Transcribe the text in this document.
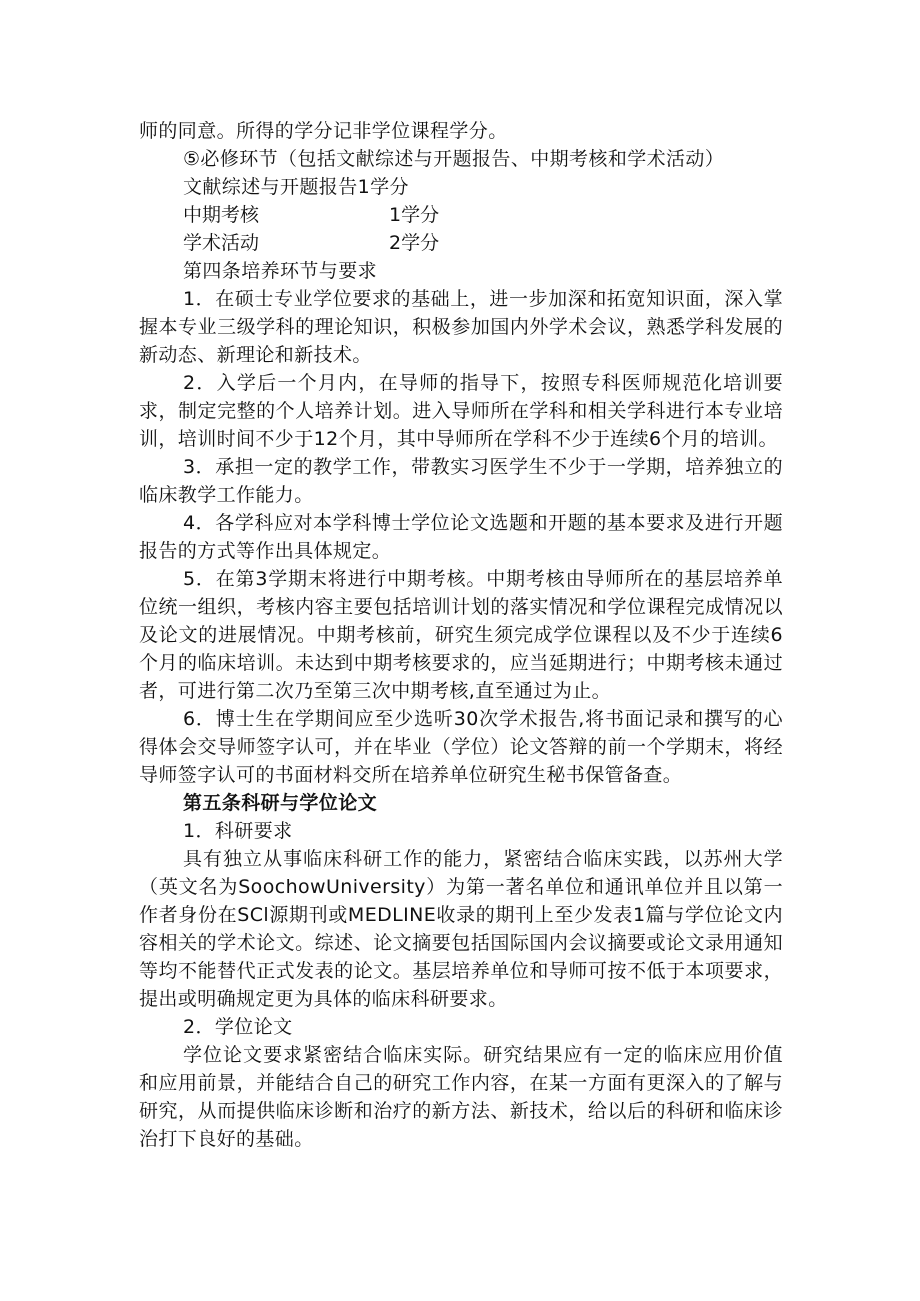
师的同意。所得的学分记非学位课程学分。

⑤必修环节（包括文献综述与开题报告、中期考核和学术活动）

文献综述与开题报告1学分

中期考核	1学分
学术活动	2学分

第四条培养环节与要求

1．在硕士专业学位要求的基础上，进一步加深和拓宽知识面，深入掌握本专业三级学科的理论知识，积极参加国内外学术会议，熟悉学科发展的新动态、新理论和新技术。

2．入学后一个月内，在导师的指导下，按照专科医师规范化培训要求，制定完整的个人培养计划。进入导师所在学科和相关学科进行本专业培训，培训时间不少于12个月，其中导师所在学科不少于连续6个月的培训。

3．承担一定的教学工作，带教实习医学生不少于一学期，培养独立的临床教学工作能力。

4．各学科应对本学科博士学位论文选题和开题的基本要求及进行开题报告的方式等作出具体规定。

5．在第3学期末将进行中期考核。中期考核由导师所在的基层培养单位统一组织，考核内容主要包括培训计划的落实情况和学位课程完成情况以及论文的进展情况。中期考核前，研究生须完成学位课程以及不少于连续6个月的临床培训。未达到中期考核要求的，应当延期进行；中期考核未通过者，可进行第二次乃至第三次中期考核,直至通过为止。

6．博士生在学期间应至少选听30次学术报告,将书面记录和撰写的心得体会交导师签字认可，并在毕业（学位）论文答辩的前一个学期末，将经导师签字认可的书面材料交所在培养单位研究生秘书保管备查。

第五条科研与学位论文

1．科研要求

具有独立从事临床科研工作的能力，紧密结合临床实践，以苏州大学（英文名为SoochowUniversity）为第一著名单位和通讯单位并且以第一作者身份在SCl源期刊或MEDLINE收录的期刊上至少发表1篇与学位论文内容相关的学术论文。综述、论文摘要包括国际国内会议摘要或论文录用通知等均不能替代正式发表的论文。基层培养单位和导师可按不低于本项要求，提出或明确规定更为具体的临床科研要求。

2．学位论文

学位论文要求紧密结合临床实际。研究结果应有一定的临床应用价值和应用前景，并能结合自己的研究工作内容，在某一方面有更深入的了解与研究，从而提供临床诊断和治疗的新方法、新技术，给以后的科研和临床诊治打下良好的基础。
